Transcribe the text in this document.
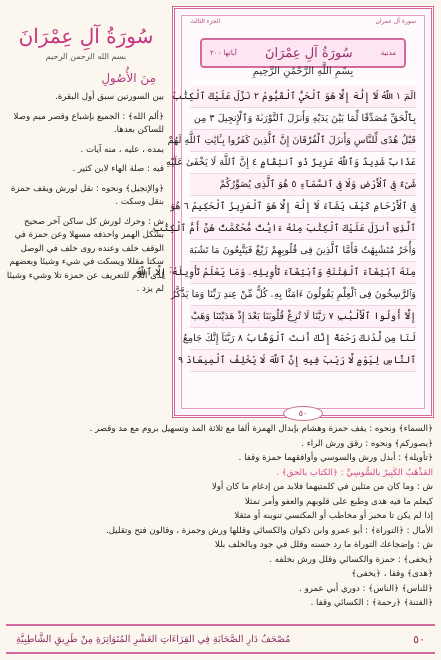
سُورَةُ آلِ عِمْرَانَ
بسم الله الرحمن الرحيم
مِنَ الأُصُولِ
بين السورتين سبق أول البقرة.
﴿ألم الله﴾ : الجميع بإشباع وقصر ميم وصلا للساكن بعدها.
بمده ، عليه ، منه آيات .
قيه : صلة الهاء لابن كثير .
﴿والإنجيل﴾ ونحوه : نقل لورش ويقف حمزة بنقل وسكت .
ش : وحرك لورش كل ساكن آخر صحيح بشكل الهمز واحذفه مسهلا وعن حمزة في الوقف خلف وعنده روى خلف في الوصل سكتا مقللا ويسكت في شيء وشيئا وبعضهم لدى اللام للتعريف عن حمزة تلا وشيء وشيئا لم يزد .
الجزء الثالث	سورة آل عمران
آياتها ٢٠٠ سُورَةُ آلِ عِمْرَانَ	مدنية
بِسْمِ اللَّهِ الرَّحْمَٰنِ الرَّحِيمِ
الٓمٓ ١ اللَّهُ لَآ إِلَٰهَ إِلَّا هُوَ ٱلْحَيُّ ٱلْقَيُّومُ ٢ نَزَّلَ عَلَيْكَ ٱلْكِتَٰبَ
بِٱلْحَقِّ مُصَدِّقًا لِّمَا بَيْنَ يَدَيْهِ وَأَنزَلَ ٱلتَّوْرَىٰةَ وَٱلْإِنجِيلَ ٣ مِن
قَبْلُ هُدًى لِّلنَّاسِ وَأَنزَلَ ٱلْفُرْقَانَ إِنَّ ٱلَّذِينَ كَفَرُوا بِـَٔايَٰتِ ٱللَّهِ لَهُمْ
عَذَابٌ شَدِيدٌ وَٱللَّهُ عَزِيزٌ ذُو ٱنتِقَامٍ ٤ إِنَّ ٱللَّهَ لَا يَخْفَىٰ عَلَيْهِ
شَىْءٌ فِى ٱلْأَرْضِ وَلَا فِى ٱلسَّمَآءِ ٥ هُوَ ٱلَّذِى يُصَوِّرُكُمْ
فِى ٱلْأَرْحَامِ كَيْفَ يَشَآءُ لَآ إِلَٰهَ إِلَّا هُوَ ٱلْعَزِيزُ ٱلْحَكِيمُ ٦ هُوَ
ٱلَّذِىٓ أَنزَلَ عَلَيْكَ ٱلْكِتَٰبَ مِنْهُ ءَايَٰتٌ مُّحْكَمَٰتٌ هُنَّ أُمُّ ٱلْكِتَٰبِ
وَأُخَرُ مُتَشَٰبِهَٰتٌ فَأَمَّا ٱلَّذِينَ فِى قُلُوبِهِمْ زَيْغٌ فَيَتَّبِعُونَ مَا تَشَٰبَهَ
مِنْهُ ٱبْتِغَآءَ ٱلْفِتْنَةِ وَٱبْتِغَآءَ تَأْوِيلِهِۦ وَمَا يَعْلَمُ تَأْوِيلَهُۥٓ إِلَّا ٱللَّهُ
وَٱلرَّٰسِخُونَ فِى ٱلْعِلْمِ يَقُولُونَ ءَامَنَّا بِهِۦ كُلٌّ مِّنْ عِندِ رَبِّنَا وَمَا يَذَّكَّرُ
إِلَّآ أُولُوا ٱلْأَلْبَٰبِ ٧ رَبَّنَا لَا تُزِغْ قُلُوبَنَا بَعْدَ إِذْ هَدَيْتَنَا وَهَبْ
لَنَا مِن لَّدُنكَ رَحْمَةً إِنَّكَ أَنتَ ٱلْوَهَّابُ ٨ رَبَّنَآ إِنَّكَ جَامِعُ
ٱلنَّاسِ لِيَوْمٍ لَّا رَيْبَ فِيهِ إِنَّ ٱللَّهَ لَا يُخْلِفُ ٱلْمِيعَادَ ٩
٥٠
﴿السماء﴾ ونحوه : يقف حمزة وهشام بإبدال الهمزة ألفا مع ثلاثة المد وتسهيل بروم مع مد وقصر .
﴿يصوركم﴾ ونحوه : رقق ورش الراء .
﴿تأويله﴾ : أبدل ورش والسوسي وأوافقهما حمزة وقفا .
المَذْهَبُ الكَبِيرُ بالسُّوسِيِّ : ﴿الكتاب بالحق﴾ .
ش : وما كان من مثلين في كلمتيهما فلابد من إدغام ما كان أولا
كيعلم ما فيه هدى وطبع على قلوبهم والعفو وأمر تمثلا
إذا لم يكن تا مخبر أو مخاطب أو المكتسي تنوينه أو مثقلا
الأمال : ﴿التوراة﴾ : أبو عمرو وابن ذكوان والكسائي وقللها ورش وحمزة ، وقالون فتح وتقليل.
ش : وإضجاعك التوراة ما رد حسنه وقلل في جود وبالخلف بللا
﴿يخفى﴾ : حمزة والكسائي وقلل ورش بخلفه .
﴿هدى﴾ وقفا ، ﴿يخفى﴾
﴿للناس﴾ ﴿الناس﴾ : دوري أبي عمرو .
﴿الفتنة﴾ ﴿رحمة﴾ : الكسائي وقفا .
مُصْحَفُ دَارِ الصَّحَابَةِ فِي القِرَاءَاتِ العَشْرِ المُتَوَاتِرَةِ مِنْ طَرِيقِ الشَّاطِبِيَّةِ	٥٠
